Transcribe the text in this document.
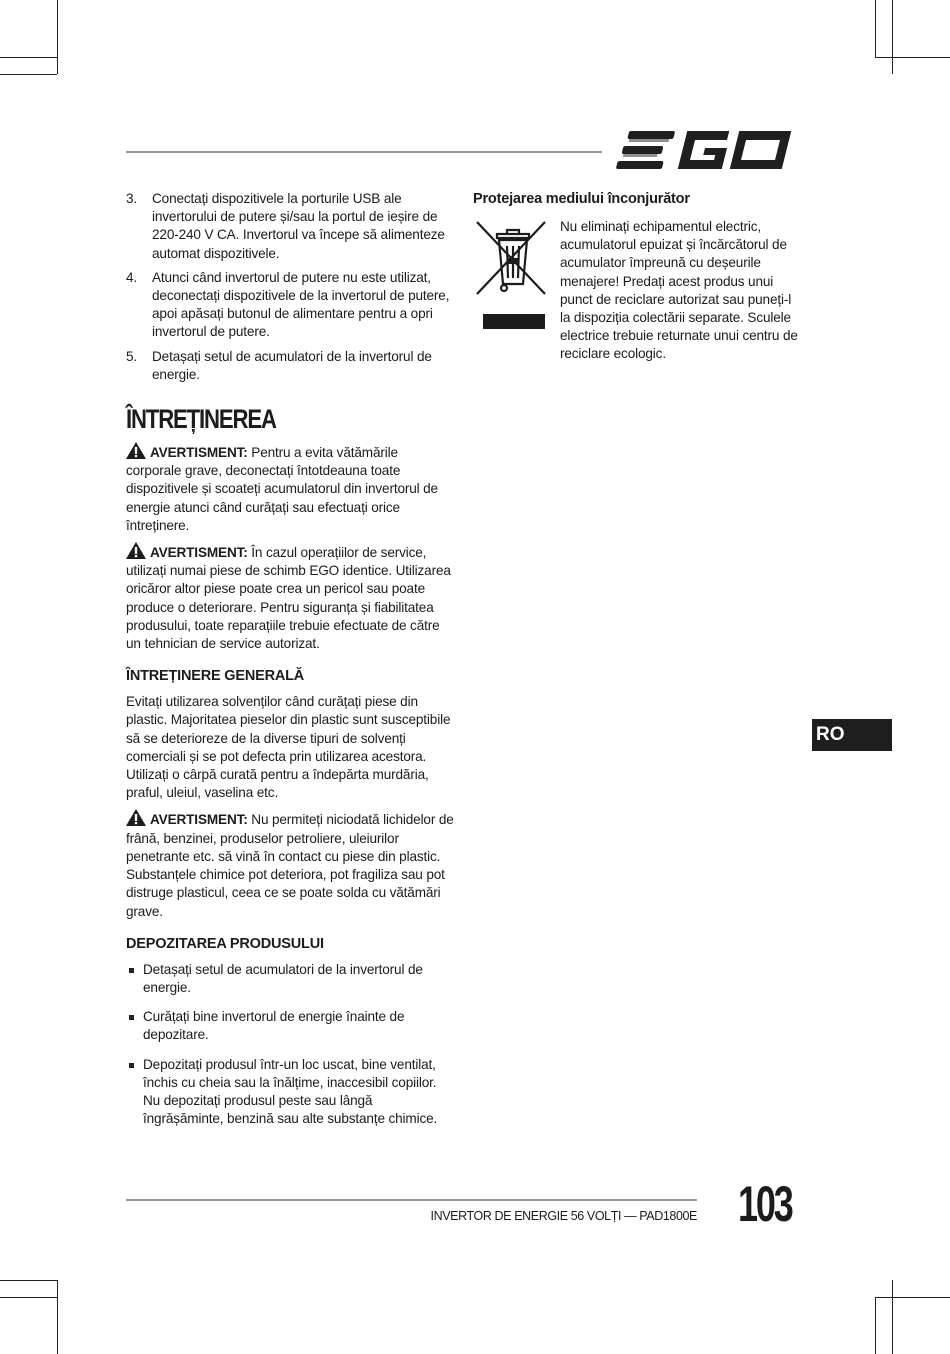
3. Conectați dispozitivele la porturile USB ale invertorului de putere și/sau la portul de ieșire de 220-240 V CA. Invertorul va începe să alimenteze automat dispozitivele.
4. Atunci când invertorul de putere nu este utilizat, deconectați dispozitivele de la invertorul de putere, apoi apăsați butonul de alimentare pentru a opri invertorul de putere.
5. Detașați setul de acumulatori de la invertorul de energie.
ÎNTREȚINEREA

AVERTISMENT: Pentru a evita vătămările corporale grave, deconectați întotdeauna toate dispozitivele și scoateți acumulatorul din invertorul de energie atunci când curățați sau efectuați orice întreținere.

AVERTISMENT: În cazul operațiilor de service, utilizați numai piese de schimb EGO identice. Utilizarea oricăror altor piese poate crea un pericol sau poate produce o deteriorare. Pentru siguranța și fiabilitatea produsului, toate reparațiile trebuie efectuate de către un tehnician de service autorizat.

ÎNTREȚINERE GENERALĂ

Evitați utilizarea solvenților când curățați piese din plastic. Majoritatea pieselor din plastic sunt susceptibile să se deterioreze de la diverse tipuri de solvenți comerciali și se pot defecta prin utilizarea acestora. Utilizați o cârpă curată pentru a îndepărta murdăria, praful, uleiul, vaselina etc.

AVERTISMENT: Nu permiteți niciodată lichidelor de frână, benzinei, produselor petroliere, uleiurilor penetrante etc. să vină în contact cu piese din plastic. Substanțele chimice pot deteriora, pot fragiliza sau pot distruge plasticul, ceea ce se poate solda cu vătămări grave.

DEPOZITAREA PRODUSULUI
Detașați setul de acumulatori de la invertorul de energie.
Curățați bine invertorul de energie înainte de depozitare.
Depozitați produsul într-un loc uscat, bine ventilat, închis cu cheia sau la înălțime, inaccesibil copiilor. Nu depozitați produsul peste sau lângă îngrășăminte, benzină sau alte substanțe chimice.
Protejarea mediului înconjurător
Nu eliminați echipamentul electric, acumulatorul epuizat și încărcătorul de acumulator împreună cu deșeurile menajere! Predați acest produs unui punct de reciclare autorizat sau puneți-l la dispoziția colectării separate. Sculele electrice trebuie returnate unui centru de reciclare ecologic.
RO
INVERTOR DE ENERGIE 56 VOLȚI — PAD1800E 103
